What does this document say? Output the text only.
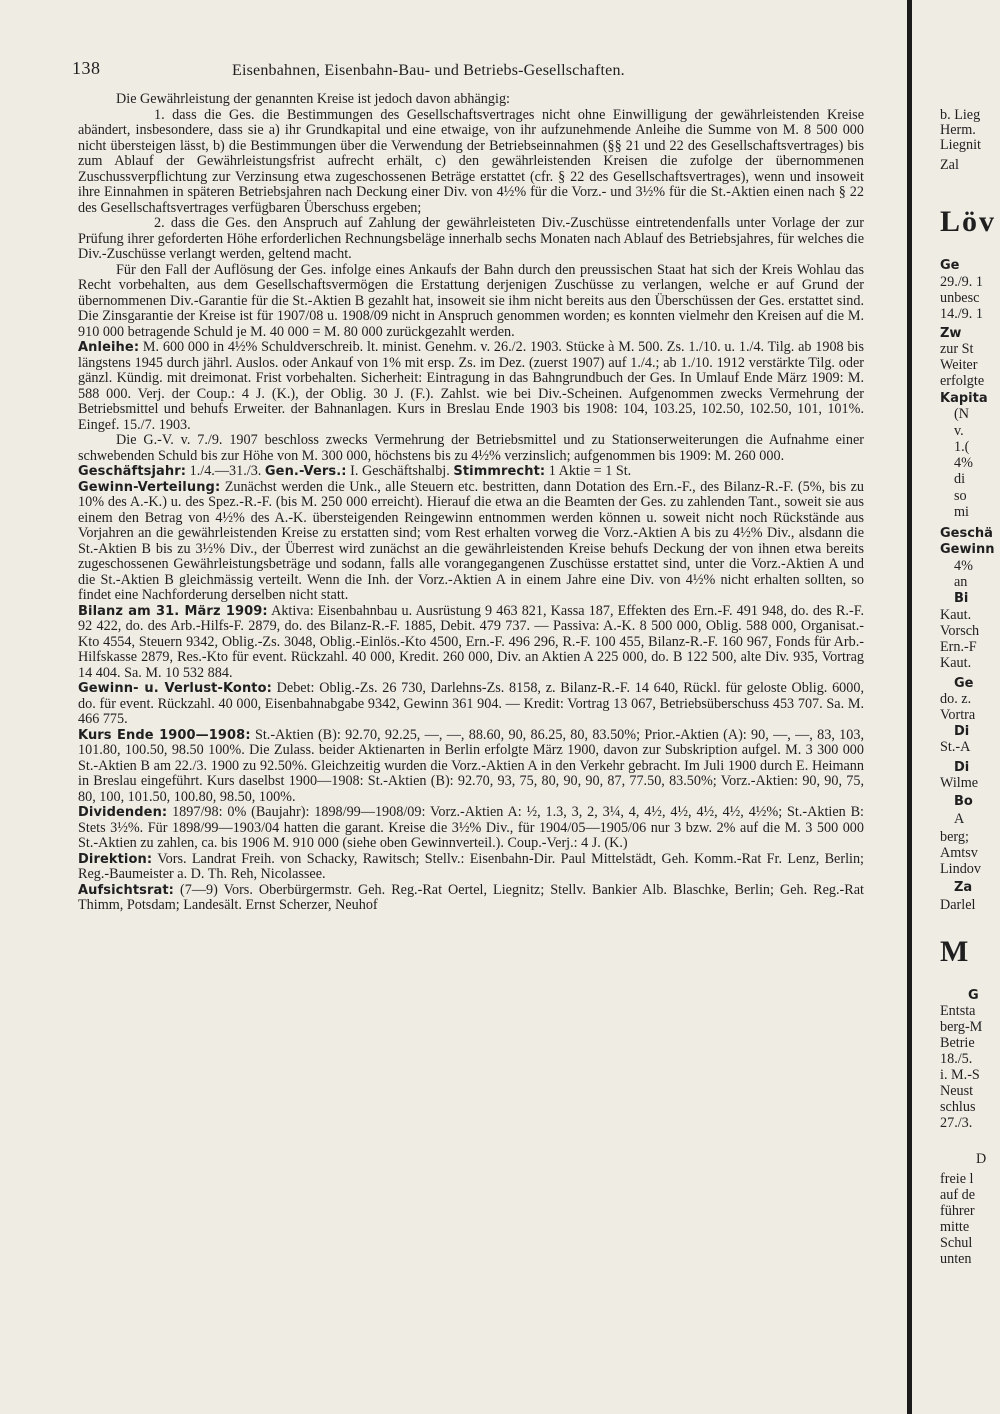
138	Eisenbahnen, Eisenbahn-Bau- und Betriebs-Gesellschaften.

Die Gewährleistung der genannten Kreise ist jedoch davon abhängig:

1. dass die Ges. die Bestimmungen des Gesellschaftsvertrages nicht ohne Einwilligung der gewährleistenden Kreise abändert, insbesondere, dass sie a) ihr Grundkapital und eine etwaige, von ihr aufzunehmende Anleihe die Summe von M. 8 500 000 nicht übersteigen lässt, b) die Bestimmungen über die Verwendung der Betriebseinnahmen (§§ 21 und 22 des Gesellschaftsvertrages) bis zum Ablauf der Gewährleistungsfrist aufrecht erhält, c) den gewährleistenden Kreisen die zufolge der übernommenen Zuschussverpflichtung zur Verzinsung etwa zugeschossenen Beträge erstattet (cfr. § 22 des Gesellschaftsvertrages), wenn und insoweit ihre Einnahmen in späteren Betriebsjahren nach Deckung einer Div. von 4½% für die Vorz.- und 3½% für die St.-Aktien einen nach § 22 des Gesellschaftsvertrages verfügbaren Überschuss ergeben;

2. dass die Ges. den Anspruch auf Zahlung der gewährleisteten Div.-Zuschüsse eintretendenfalls unter Vorlage der zur Prüfung ihrer geforderten Höhe erforderlichen Rechnungsbeläge innerhalb sechs Monaten nach Ablauf des Betriebsjahres, für welches die Div.-Zuschüsse verlangt werden, geltend macht.

Für den Fall der Auflösung der Ges. infolge eines Ankaufs der Bahn durch den preussischen Staat hat sich der Kreis Wohlau das Recht vorbehalten, aus dem Gesellschaftsvermögen die Erstattung derjenigen Zuschüsse zu verlangen, welche er auf Grund der übernommenen Div.-Garantie für die St.-Aktien B gezahlt hat, insoweit sie ihm nicht bereits aus den Überschüssen der Ges. erstattet sind. Die Zinsgarantie der Kreise ist für 1907/08 u. 1908/09 nicht in Anspruch genommen worden; es konnten vielmehr den Kreisen auf die M. 910 000 betragende Schuld je M. 40 000 = M. 80 000 zurückgezahlt werden.

Anleihe: M. 600 000 in 4½% Schuldverschreib. lt. minist. Genehm. v. 26./2. 1903. Stücke à M. 500. Zs. 1./10. u. 1./4. Tilg. ab 1908 bis längstens 1945 durch jährl. Auslos. oder Ankauf von 1% mit ersp. Zs. im Dez. (zuerst 1907) auf 1./4.; ab 1./10. 1912 verstärkte Tilg. oder gänzl. Kündig. mit dreimonat. Frist vorbehalten. Sicherheit: Eintragung in das Bahngrundbuch der Ges. In Umlauf Ende März 1909: M. 588 000. Verj. der Coup.: 4 J. (K.), der Oblig. 30 J. (F.). Zahlst. wie bei Div.-Scheinen. Aufgenommen zwecks Vermehrung der Betriebsmittel und behufs Erweiter. der Bahnanlagen. Kurs in Breslau Ende 1903 bis 1908: 104, 103.25, 102.50, 102.50, 101, 101%. Eingef. 15./7. 1903.

Die G.-V. v. 7./9. 1907 beschloss zwecks Vermehrung der Betriebsmittel und zu Stationserweiterungen die Aufnahme einer schwebenden Schuld bis zur Höhe von M. 300 000, höchstens bis zu 4½% verzinslich; aufgenommen bis 1909: M. 260 000.

Geschäftsjahr: 1./4.—31./3. Gen.-Vers.: I. Geschäftshalbj. Stimmrecht: 1 Aktie = 1 St.

Gewinn-Verteilung: Zunächst werden die Unk., alle Steuern etc. bestritten, dann Dotation des Ern.-F., des Bilanz-R.-F. (5%, bis zu 10% des A.-K.) u. des Spez.-R.-F. (bis M. 250 000 erreicht). Hierauf die etwa an die Beamten der Ges. zu zahlenden Tant., soweit sie aus einem den Betrag von 4½% des A.-K. übersteigenden Reingewinn entnommen werden können u. soweit nicht noch Rückstände aus Vorjahren an die gewährleistenden Kreise zu erstatten sind; vom Rest erhalten vorweg die Vorz.-Aktien A bis zu 4½% Div., alsdann die St.-Aktien B bis zu 3½% Div., der Überrest wird zunächst an die gewährleistenden Kreise behufs Deckung der von ihnen etwa bereits zugeschossenen Gewährleistungsbeträge und sodann, falls alle vorangegangenen Zuschüsse erstattet sind, unter die Vorz.-Aktien A und die St.-Aktien B gleichmässig verteilt. Wenn die Inh. der Vorz.-Aktien A in einem Jahre eine Div. von 4½% nicht erhalten sollten, so findet eine Nachforderung derselben nicht statt.

Bilanz am 31. März 1909: Aktiva: Eisenbahnbau u. Ausrüstung 9 463 821, Kassa 187, Effekten des Ern.-F. 491 948, do. des R.-F. 92 422, do. des Arb.-Hilfs-F. 2879, do. des Bilanz-R.-F. 1885, Debit. 479 737. — Passiva: A.-K. 8 500 000, Oblig. 588 000, Organisat.-Kto 4554, Steuern 9342, Oblig.-Zs. 3048, Oblig.-Einlös.-Kto 4500, Ern.-F. 496 296, R.-F. 100 455, Bilanz-R.-F. 160 967, Fonds für Arb.-Hilfskasse 2879, Res.-Kto für event. Rückzahl. 40 000, Kredit. 260 000, Div. an Aktien A 225 000, do. B 122 500, alte Div. 935, Vortrag 14 404. Sa. M. 10 532 884.

Gewinn- u. Verlust-Konto: Debet: Oblig.-Zs. 26 730, Darlehns-Zs. 8158, z. Bilanz-R.-F. 14 640, Rückl. für geloste Oblig. 6000, do. für event. Rückzahl. 40 000, Eisenbahnabgabe 9342, Gewinn 361 904. — Kredit: Vortrag 13 067, Betriebsüberschuss 453 707. Sa. M. 466 775.

Kurs Ende 1900—1908: St.-Aktien (B): 92.70, 92.25, —, —, 88.60, 90, 86.25, 80, 83.50%; Prior.-Aktien (A): 90, —, —, 83, 103, 101.80, 100.50, 98.50 100%. Die Zulass. beider Aktienarten in Berlin erfolgte März 1900, davon zur Subskription aufgel. M. 3 300 000 St.-Aktien B am 22./3. 1900 zu 92.50%. Gleichzeitig wurden die Vorz.-Aktien A in den Verkehr gebracht. Im Juli 1900 durch E. Heimann in Breslau eingeführt. Kurs daselbst 1900—1908: St.-Aktien (B): 92.70, 93, 75, 80, 90, 90, 87, 77.50, 83.50%; Vorz.-Aktien: 90, 90, 75, 80, 100, 101.50, 100.80, 98.50, 100%.

Dividenden: 1897/98: 0% (Baujahr): 1898/99—1908/09: Vorz.-Aktien A: ½, 1.3, 3, 2, 3¼, 4, 4½, 4½, 4½, 4½, 4½%; St.-Aktien B: Stets 3½%. Für 1898/99—1903/04 hatten die garant. Kreise die 3½% Div., für 1904/05—1905/06 nur 3 bzw. 2% auf die M. 3 500 000 St.-Aktien zu zahlen, ca. bis 1906 M. 910 000 (siehe oben Gewinnverteil.). Coup.-Verj.: 4 J. (K.)

Direktion: Vors. Landrat Freih. von Schacky, Rawitsch; Stellv.: Eisenbahn-Dir. Paul Mittelstädt, Geh. Komm.-Rat Fr. Lenz, Berlin; Reg.-Baumeister a. D. Th. Reh, Nicolassee.

Aufsichtsrat: (7—9) Vors. Oberbürgermstr. Geh. Reg.-Rat Oertel, Liegnitz; Stellv. Bankier Alb. Blaschke, Berlin; Geh. Reg.-Rat Thimm, Potsdam; Landesält. Ernst Scherzer, Neuhof

b. Lieg
Herm.
Liegnit
Zal
Löv
Ge
29./9. 1
unbesc
14./9. 1
Zw
zur St
Weiter
erfolgte
Kapita
(N
v.
1.(
4%
di
so
mi
Geschä
Gewinn
4%
an
Bi
Kaut.
Vorsch
Ern.-F
Kaut.
Ge
do. z.
Vortra
Di
St.-A
Di
Wilme
Bo
A
berg;
Amtsv
Lindov
Za
Darlel
M
G
Entsta
berg-M
Betrie
18./5.
i. M.-S
Neust
schlus
27./3.
D
freie l
auf de
führer
mitte
Schul
unten
